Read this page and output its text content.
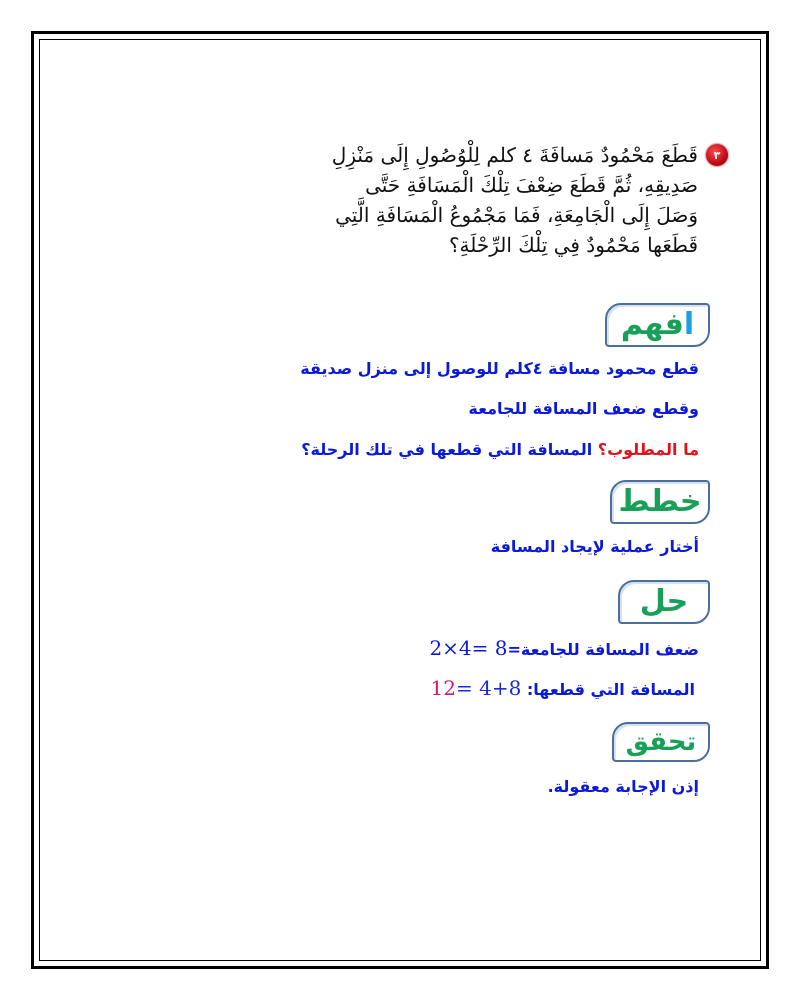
٣
قَطَعَ مَحْمُودٌ مَسافَةَ ٤ كلم لِلْوُصُولِ إِلَى مَنْزِلِ
صَدِيقِهِ، ثُمَّ قَطَعَ ضِعْفَ تِلْكَ الْمَسَافَةِ حَتَّى
وَصَلَ إِلَى الْجَامِعَةِ، فَمَا مَجْمُوعُ الْمَسَافَةِ الَّتِي
قَطَعَها مَحْمُودٌ فِي تِلْكَ الرِّحْلَةِ؟
افهم
قطع محمود مسافة ٤كلم للوصول إلى منزل صديقة
وقطع ضعف المسافة للجامعة
ما المطلوب؟ المسافة التي قطعها في تلك الرحلة؟
خطط
أختار عملية لإيجاد المسافة
حل
ضعف المسافة للجامعة=2×4= 8
المسافة التي قطعها: 12= 4+8
تحقق
إذن الإجابة معقولة.
